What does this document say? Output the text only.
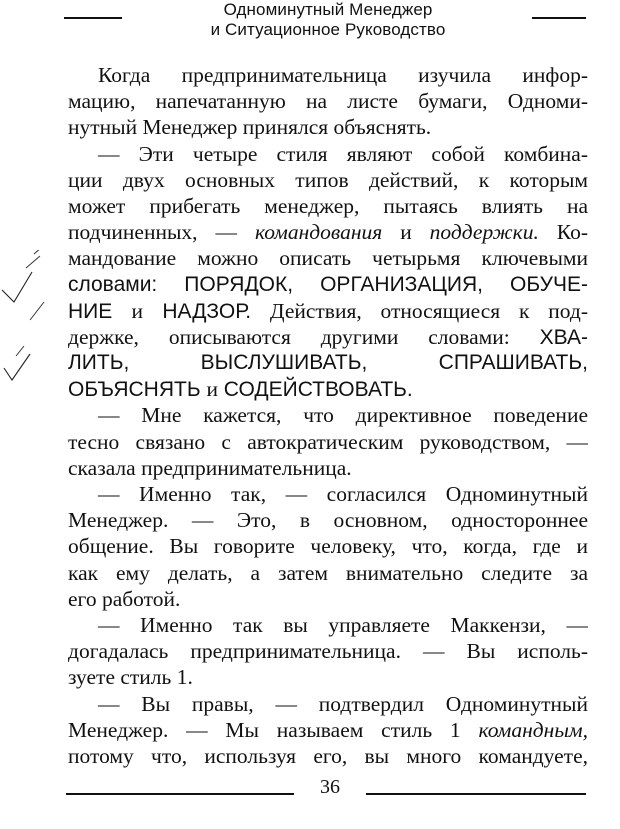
Одноминутный Менеджер
и Ситуационное Руководство
Когда предпринимательница изучила инфор-
мацию, напечатанную на листе бумаги, Одноми-
нутный Менеджер принялся объяснять.
— Эти четыре стиля являют собой комбина-
ции двух основных типов действий, к которым
может прибегать менеджер, пытаясь влиять на
подчиненных, — командования и поддержки. Ко-
мандование можно описать четырьмя ключевыми
словами: ПОРЯДОК, ОРГАНИЗАЦИЯ, ОБУЧЕ-
НИЕ и НАДЗОР. Действия, относящиеся к под-
держке, описываются другими словами: ХВА-
ЛИТЬ, ВЫСЛУШИВАТЬ, СПРАШИВАТЬ,
ОБЪЯСНЯТЬ и СОДЕЙСТВОВАТЬ.
— Мне кажется, что директивное поведение
тесно связано с автократическим руководством, —
сказала предпринимательница.
— Именно так, — согласился Одноминутный
Менеджер. — Это, в основном, одностороннее
общение. Вы говорите человеку, что, когда, где и
как ему делать, а затем внимательно следите за
его работой.
— Именно так вы управляете Маккензи, —
догадалась предпринимательница. — Вы исполь-
зуете стиль 1.
— Вы правы, — подтвердил Одноминутный
Менеджер. — Мы называем стиль 1 командным,
потому что, используя его, вы много командуете,
36
